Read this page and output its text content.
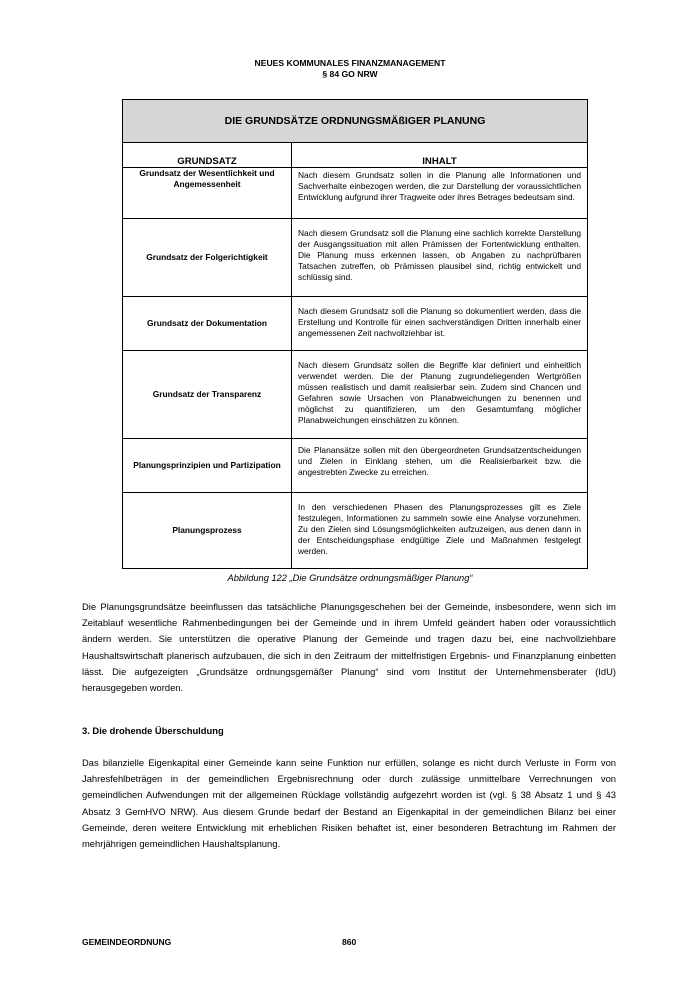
NEUES KOMMUNALES FINANZMANAGEMENT
§ 84 GO NRW
DIE GRUNDSÄTZE ORDNUNGSMÄßIGER PLANUNG	
GRUNDSATZ	INHALT
Grundsatz der Wesentlichkeit und Angemessenheit	Nach diesem Grundsatz sollen in die Planung alle Informationen und Sachverhalte einbezogen werden, die zur Darstellung der voraussichtlichen Entwicklung aufgrund ihrer Tragweite oder ihres Betrages bedeutsam sind.
Grundsatz der Folgerichtigkeit	Nach diesem Grundsatz soll die Planung eine sachlich korrekte Darstellung der Ausgangssituation mit allen Prämissen der Fortentwicklung enthalten. Die Planung muss erkennen lassen, ob Angaben zu nachprüfbaren Tatsachen zutreffen, ob Prämissen plausibel sind, richtig entwickelt und schlüssig sind.
Grundsatz der Dokumentation	Nach diesem Grundsatz soll die Planung so dokumentiert werden, dass die Erstellung und Kontrolle für einen sachverständigen Dritten innerhalb einer angemessenen Zeit nachvollziehbar ist.
Grundsatz der Transparenz	Nach diesem Grundsatz sollen die Begriffe klar definiert und einheitlich verwendet werden. Die der Planung zugrundeliegenden Wertgrößen müssen realistisch und damit realisierbar sein. Zudem sind Chancen und Gefahren sowie Ursachen von Planabweichungen zu benennen und möglichst zu quantifizieren, um den Gesamtumfang möglicher Planabweichungen einschätzen zu können.
Planungsprinzipien und Partizipation	Die Planansätze sollen mit den übergeordneten Grundsatzentscheidungen und Zielen in Einklang stehen, um die Realisierbarkeit bzw. die angestrebten Zwecke zu erreichen.
Planungsprozess	In den verschiedenen Phasen des Planungsprozesses gilt es Ziele festzulegen, Informationen zu sammeln sowie eine Analyse vorzunehmen. Zu den Zielen sind Lösungsmöglichkeiten aufzuzeigen, aus denen dann in der Entscheidungsphase endgültige Ziele und Maßnahmen festgelegt werden.
Abbildung 122 „Die Grundsätze ordnungsmäßiger Planung“

Die Planungsgrundsätze beeinflussen das tatsächliche Planungsgeschehen bei der Gemeinde, insbesondere, wenn sich im Zeitablauf wesentliche Rahmenbedingungen bei der Gemeinde und in ihrem Umfeld geändert haben oder voraussichtlich ändern werden. Sie unterstützen die operative Planung der Gemeinde und tragen dazu bei, eine nachvollziehbare Haushaltswirtschaft planerisch aufzubauen, die sich in den Zeitraum der mittelfristigen Ergebnis- und Finanzplanung einbetten lässt. Die aufgezeigten „Grundsätze ordnungsgemäßer Planung“ sind vom Institut der Unternehmensberater (IdU) herausgegeben worden.

3. Die drohende Überschuldung

Das bilanzielle Eigenkapital einer Gemeinde kann seine Funktion nur erfüllen, solange es nicht durch Verluste in Form von Jahresfehlbeträgen in der gemeindlichen Ergebnisrechnung oder durch zulässige unmittelbare Verrechnungen von gemeindlichen Aufwendungen mit der allgemeinen Rücklage vollständig aufgezehrt worden ist (vgl. § 38 Absatz 1 und § 43 Absatz 3 GemHVO NRW). Aus diesem Grunde bedarf der Bestand an Eigenkapital in der gemeindlichen Bilanz bei einer Gemeinde, deren weitere Entwicklung mit erheblichen Risiken behaftet ist, einer besonderen Betrachtung im Rahmen der mehrjährigen gemeindlichen Haushaltsplanung.

GEMEINDEORDNUNG	860
